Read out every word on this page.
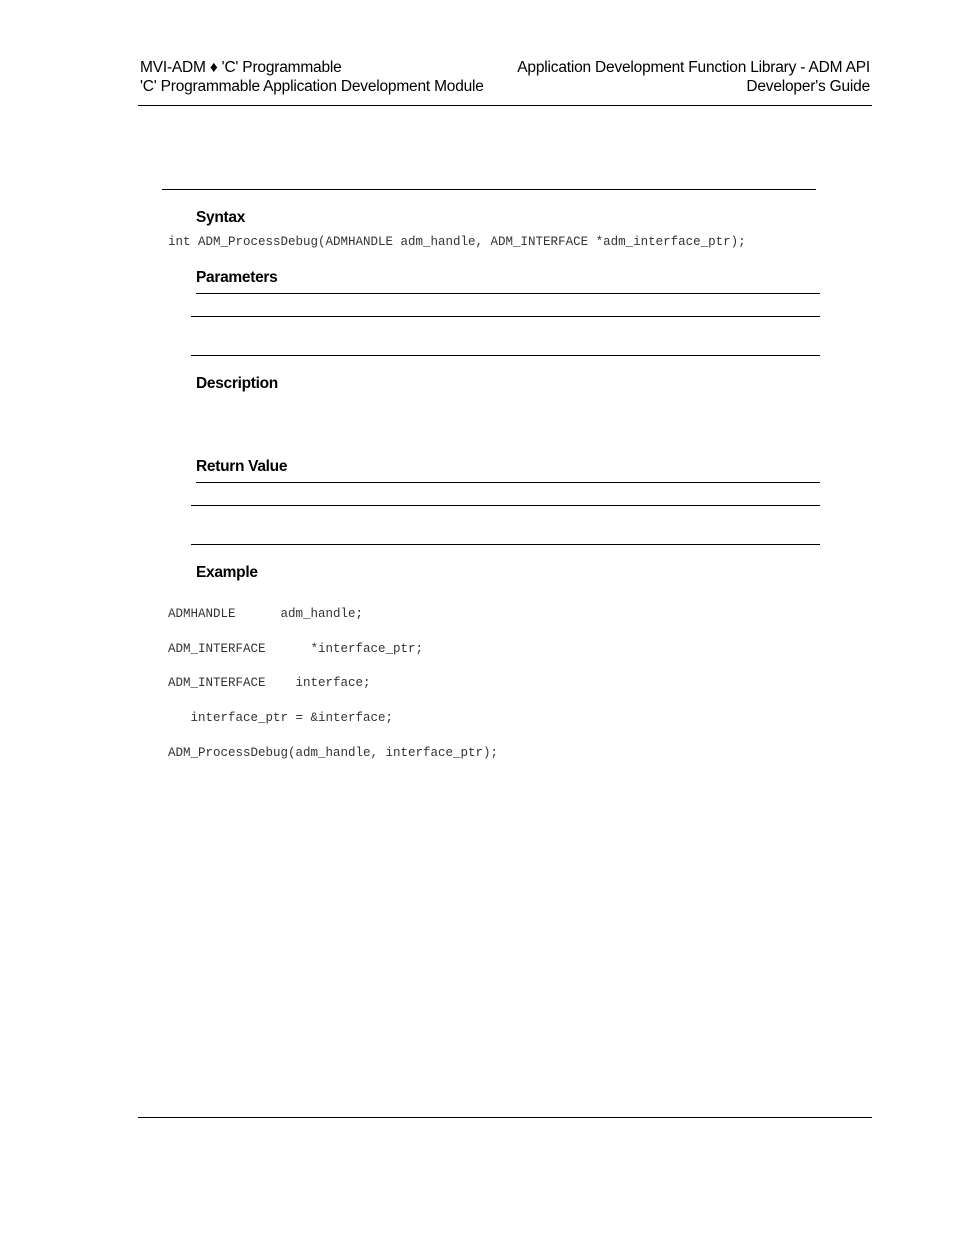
MVI-ADM ♦ 'C' Programmable
'C' Programmable Application Development Module
Application Development Function Library - ADM API
Developer's Guide
Syntax
int ADM_ProcessDebug(ADMHANDLE adm_handle, ADM_INTERFACE *adm_interface_ptr);
Parameters
Description
Return Value
Example

ADMHANDLE      adm_handle;

ADM_INTERFACE      *interface_ptr;

ADM_INTERFACE    interface;

interface_ptr = &interface;

ADM_ProcessDebug(adm_handle, interface_ptr);
